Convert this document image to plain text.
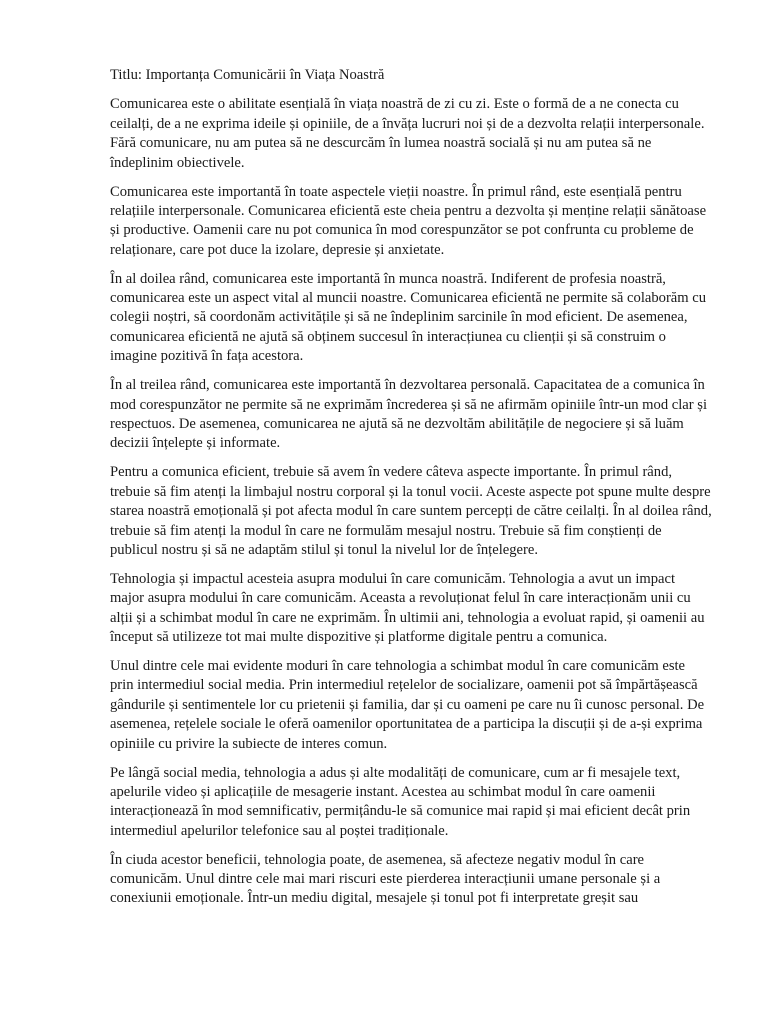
Titlu: Importanța Comunicării în Viața Noastră

Comunicarea este o abilitate esențială în viața noastră de zi cu zi. Este o formă de a ne conecta cu ceilalți, de a ne exprima ideile și opiniile, de a învăța lucruri noi și de a dezvolta relații interpersonale. Fără comunicare, nu am putea să ne descurcăm în lumea noastră socială și nu am putea să ne îndeplinim obiectivele.

Comunicarea este importantă în toate aspectele vieții noastre. În primul rând, este esențială pentru relațiile interpersonale. Comunicarea eficientă este cheia pentru a dezvolta și menține relații sănătoase și productive. Oamenii care nu pot comunica în mod corespunzător se pot confrunta cu probleme de relaționare, care pot duce la izolare, depresie și anxietate.

În al doilea rând, comunicarea este importantă în munca noastră. Indiferent de profesia noastră, comunicarea este un aspect vital al muncii noastre. Comunicarea eficientă ne permite să colaborăm cu colegii noștri, să coordonăm activitățile și să ne îndeplinim sarcinile în mod eficient. De asemenea, comunicarea eficientă ne ajută să obținem succesul în interacțiunea cu clienții și să construim o imagine pozitivă în fața acestora.

În al treilea rând, comunicarea este importantă în dezvoltarea personală. Capacitatea de a comunica în mod corespunzător ne permite să ne exprimăm încrederea și să ne afirmăm opiniile într-un mod clar și respectuos. De asemenea, comunicarea ne ajută să ne dezvoltăm abilitățile de negociere și să luăm decizii înțelepte și informate.

Pentru a comunica eficient, trebuie să avem în vedere câteva aspecte importante. În primul rând, trebuie să fim atenți la limbajul nostru corporal și la tonul vocii. Aceste aspecte pot spune multe despre starea noastră emoțională și pot afecta modul în care suntem percepți de către ceilalți. În al doilea rând, trebuie să fim atenți la modul în care ne formulăm mesajul nostru. Trebuie să fim conștienți de publicul nostru și să ne adaptăm stilul și tonul la nivelul lor de înțelegere.

Tehnologia și impactul acesteia asupra modului în care comunicăm. Tehnologia a avut un impact major asupra modului în care comunicăm. Aceasta a revoluționat felul în care interacționăm unii cu alții și a schimbat modul în care ne exprimăm. În ultimii ani, tehnologia a evoluat rapid, și oamenii au început să utilizeze tot mai multe dispozitive și platforme digitale pentru a comunica.

Unul dintre cele mai evidente moduri în care tehnologia a schimbat modul în care comunicăm este prin intermediul social media. Prin intermediul rețelelor de socializare, oamenii pot să împărtășească gândurile și sentimentele lor cu prietenii și familia, dar și cu oameni pe care nu îi cunosc personal. De asemenea, rețelele sociale le oferă oamenilor oportunitatea de a participa la discuții și de a-și exprima opiniile cu privire la subiecte de interes comun.

Pe lângă social media, tehnologia a adus și alte modalități de comunicare, cum ar fi mesajele text, apelurile video și aplicațiile de mesagerie instant. Acestea au schimbat modul în care oamenii interacționează în mod semnificativ, permițându-le să comunice mai rapid și mai eficient decât prin intermediul apelurilor telefonice sau al poștei tradiționale.

În ciuda acestor beneficii, tehnologia poate, de asemenea, să afecteze negativ modul în care comunicăm. Unul dintre cele mai mari riscuri este pierderea interacțiunii umane personale și a conexiunii emoționale. Într-un mediu digital, mesajele și tonul pot fi interpretate greșit sau
